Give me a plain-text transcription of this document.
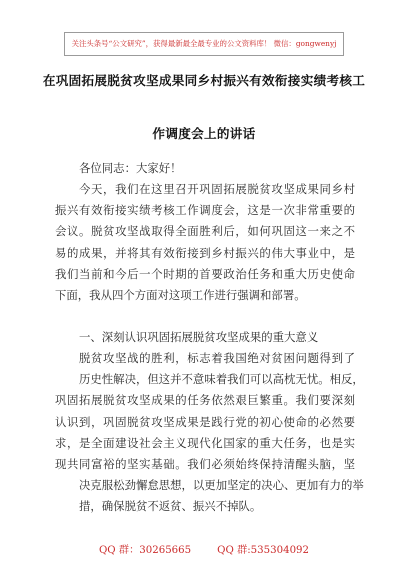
关注头条号“公文研究”，获得最新最全最专业的公文资料库！ 微信：gongwenyj
在巩固拓展脱贫攻坚成果同乡村振兴有效衔接实绩考核工
作调度会上的讲话
各位同志：大家好！
今天，我们在这里召开巩固拓展脱贫攻坚成果同乡村
振兴有效衔接实绩考核工作调度会，这是一次非常重要的
会议。脱贫攻坚战取得全面胜利后，如何巩固这一来之不
易的成果，并将其有效衔接到乡村振兴的伟大事业中，是
我们当前和今后一个时期的首要政治任务和重大历史使命
下面，我从四个方面对这项工作进行强调和部署。
一、深刻认识巩固拓展脱贫攻坚成果的重大意义
脱贫攻坚战的胜利，标志着我国绝对贫困问题得到了
历史性解决，但这并不意味着我们可以高枕无忧。相反，
巩固拓展脱贫攻坚成果的任务依然艰巨繁重。我们要深刻
认识到，巩固脱贫攻坚成果是践行党的初心使命的必然要
求，是全面建设社会主义现代化国家的重大任务，也是实
现共同富裕的坚实基础。我们必须始终保持清醒头脑，坚
决克服松劲懈怠思想，以更加坚定的决心、更加有力的举
措，确保脱贫不返贫、振兴不掉队。
QQ 群：30265665	QQ 群:535304092
